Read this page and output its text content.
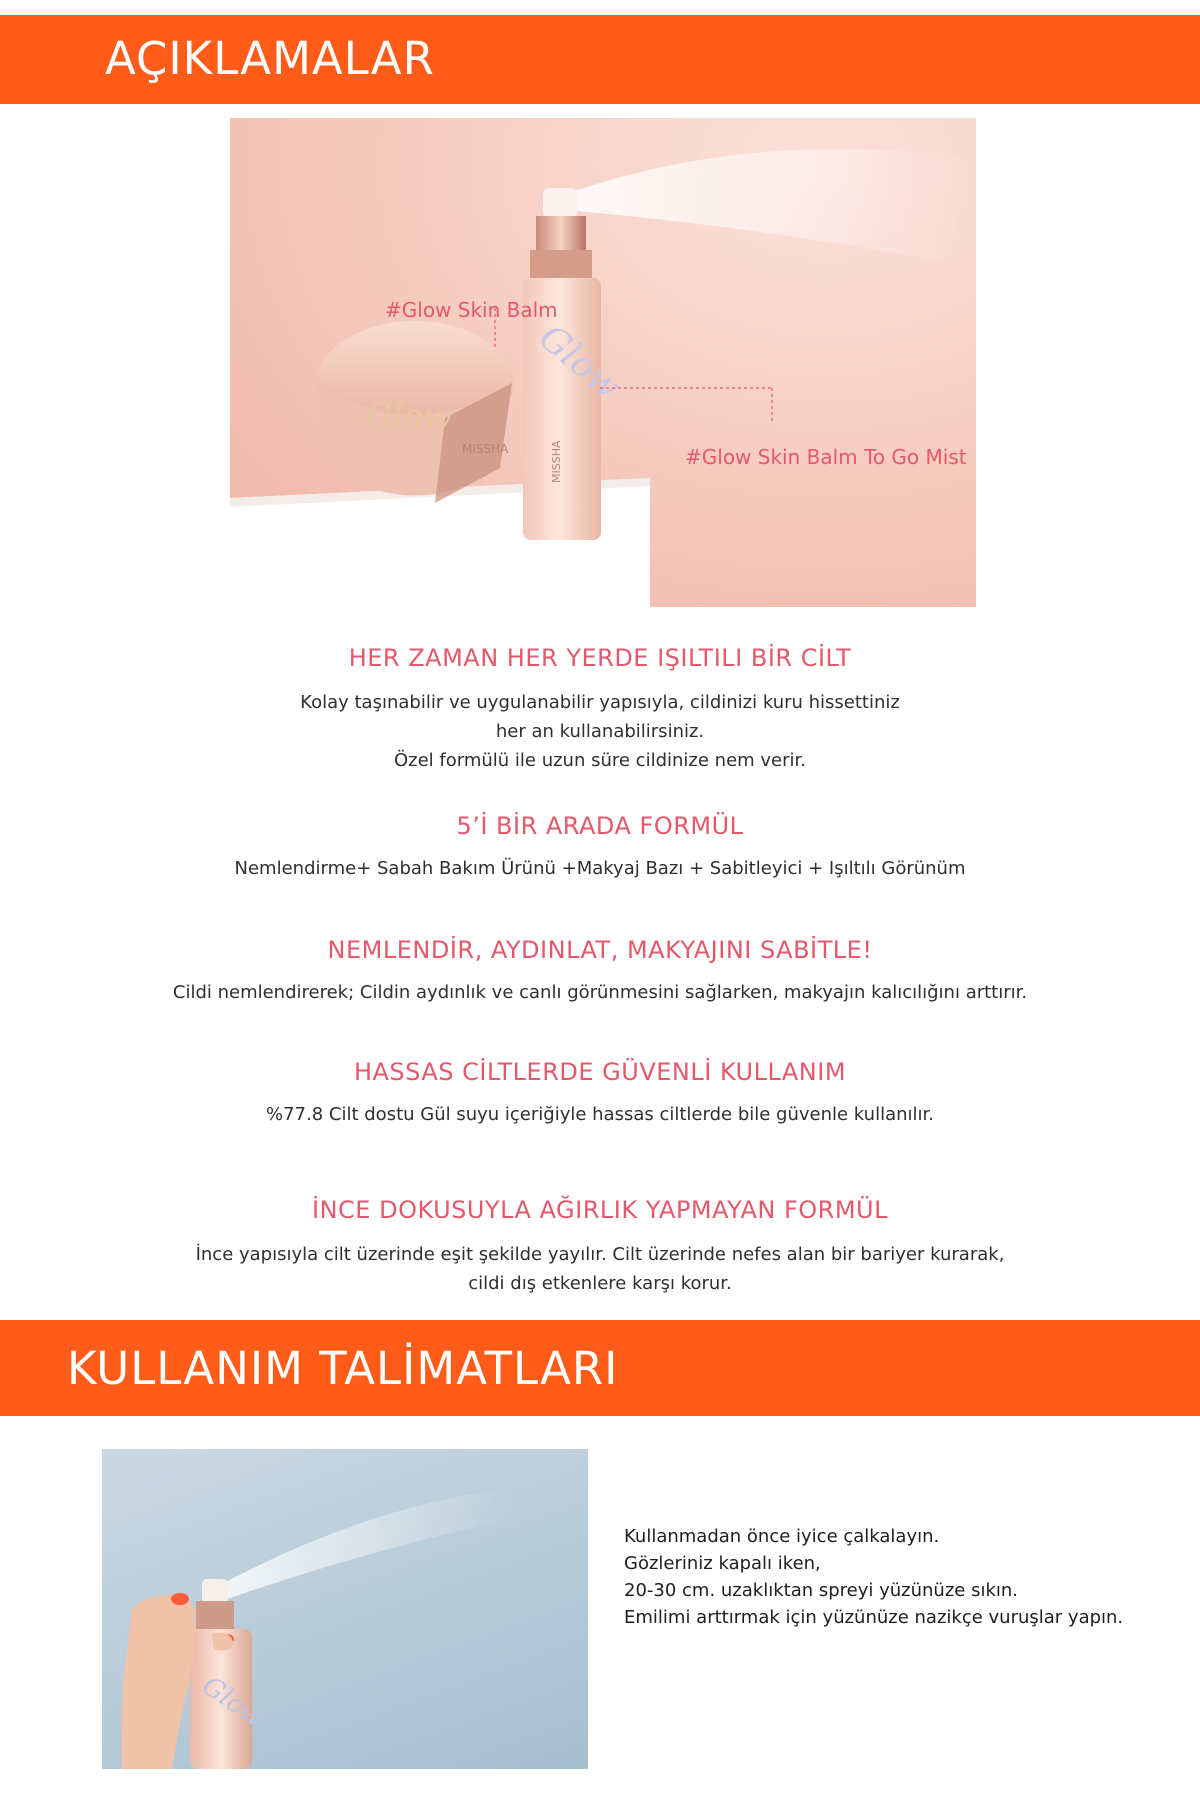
AÇIKLAMALAR
Glow
MISSHA
Glow
MISSHA
#Glow Skin Balm
#Glow Skin Balm To Go Mist
HER ZAMAN HER YERDE IŞILTILI BİR CİLT
Kolay taşınabilir ve uygulanabilir yapısıyla, cildinizi kuru hissettiniz
her an kullanabilirsiniz.
Özel formülü ile uzun süre cildinize nem verir.
5’İ BİR ARADA FORMÜL
Nemlendirme+ Sabah Bakım Ürünü +Makyaj Bazı + Sabitleyici + Işıltılı Görünüm
NEMLENDİR, AYDINLAT, MAKYAJINI SABİTLE!
Cildi nemlendirerek; Cildin aydınlık ve canlı görünmesini sağlarken, makyajın kalıcılığını arttırır.
HASSAS CİLTLERDE GÜVENLİ KULLANIM
%77.8 Cilt dostu Gül suyu içeriğiyle hassas ciltlerde bile güvenle kullanılır.
İNCE DOKUSUYLA AĞIRLIK YAPMAYAN FORMÜL
İnce yapısıyla cilt üzerinde eşit şekilde yayılır. Cilt üzerinde nefes alan bir bariyer kurarak,
cildi dış etkenlere karşı korur.
KULLANIM TALİMATLARI
Glow
Kullanmadan önce iyice çalkalayın.
Gözleriniz kapalı iken,
20-30 cm. uzaklıktan spreyi yüzünüze sıkın.
Emilimi arttırmak için yüzünüze nazikçe vuruşlar yapın.
